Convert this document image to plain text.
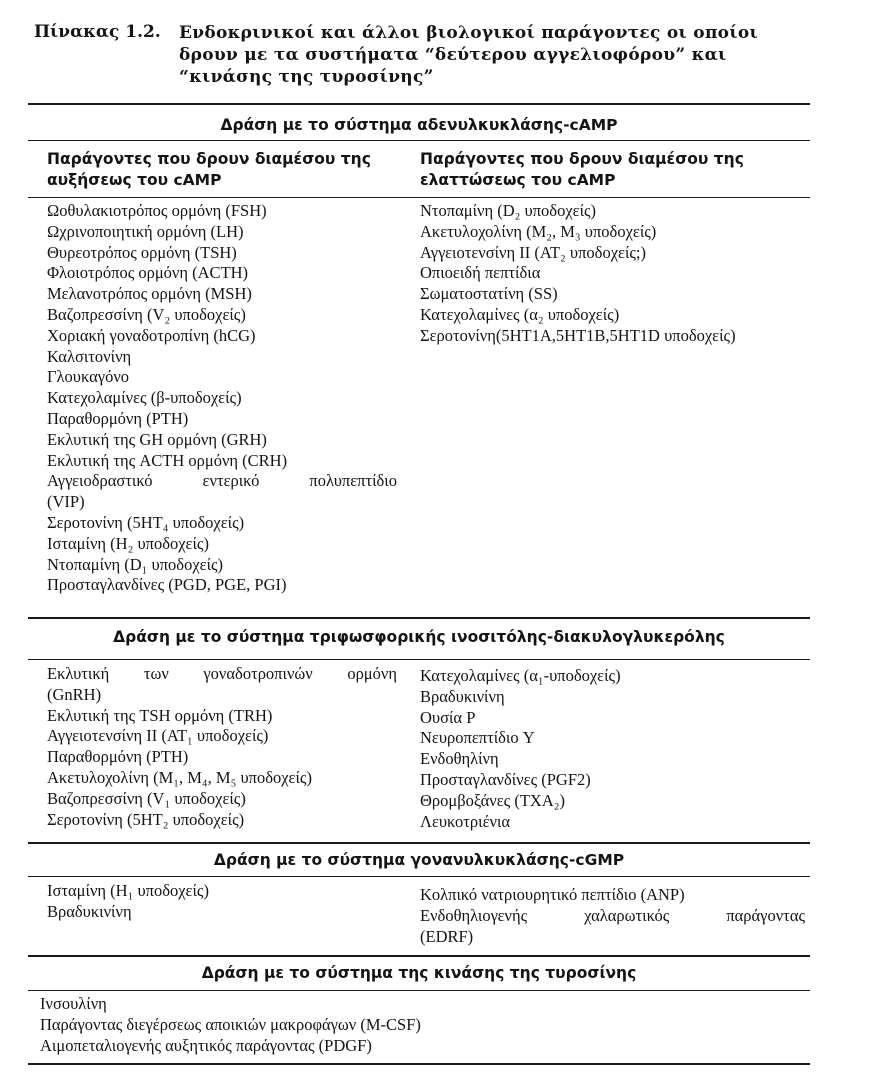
Πίνακας 1.2. Ενδοκρινικοί και άλλοι βιολογικοί παράγοντες οι οποίοι δρουν με τα συστήματα “δεύτερου αγγελιοφόρου” και “κινάσης της τυροσίνης”
Δράση με το σύστημα αδενυλκυκλάσης-cAMP
Παράγοντες που δρουν διαμέσου της αυξήσεως του cAMP
Παράγοντες που δρουν διαμέσου της ελαττώσεως του cAMP
Ωοθυλακιοτρόπος ορμόνη (FSH)
Ωχρινοποιητική ορμόνη (LH)
Θυρεοτρόπος ορμόνη (TSH)
Φλοιοτρόπος ορμόνη (ACTH)
Μελανοτρόπος ορμόνη (MSH)
Βαζοπρεσσίνη (V₂ υποδοχείς)
Χοριακή γοναδοτροπίνη (hCG)
Καλσιτονίνη
Γλουκαγόνο
Κατεχολαμίνες (β-υποδοχείς)
Παραθορμόνη (PTH)
Εκλυτική της GH ορμόνη (GRH)
Εκλυτική της ACTH ορμόνη (CRH)
Αγγειοδραστικό εντερικό πολυπεπτίδιο
(VIP)
Σεροτονίνη (5HT₄ υποδοχείς)
Ισταμίνη (H₂ υποδοχείς)
Ντοπαμίνη (D₁ υποδοχείς)
Προσταγλανδίνες (PGD, PGE, PGI)
Ντοπαμίνη (D₂ υποδοχείς)
Ακετυλοχολίνη (M₂, M₃ υποδοχείς)
Αγγειοτενσίνη II (AT₂ υποδοχείς;)
Οπιοειδή πεπτίδια
Σωματοστατίνη (SS)
Κατεχολαμίνες (α₂ υποδοχείς)
Σεροτονίνη(5HT1A,5HT1B,5HT1D υποδοχείς)
Δράση με το σύστημα τριφωσφορικής ινοσιτόλης-διακυλογλυκερόλης
Εκλυτική των γοναδοτροπινών ορμόνη
(GnRH)
Εκλυτική της TSH ορμόνη (TRH)
Αγγειοτενσίνη II (AT₁ υποδοχείς)
Παραθορμόνη (PTH)
Ακετυλοχολίνη (M₁, M₄, M₅ υποδοχείς)
Βαζοπρεσσίνη (V₁ υποδοχείς)
Σεροτονίνη (5HT₂ υποδοχείς)
Κατεχολαμίνες (α₁-υποδοχείς)
Βραδυκινίνη
Ουσία P
Νευροπεπτίδιο Y
Ενδοθηλίνη
Προσταγλανδίνες (PGF2)
Θρομβοξάνες (TXA₂)
Λευκοτριένια
Δράση με το σύστημα γονανυλκυκλάσης-cGMP
Ισταμίνη (H₁ υποδοχείς)
Βραδυκινίνη
Κολπικό νατριουρητικό πεπτίδιο (ANP)
Ενδοθηλιογενής χαλαρωτικός παράγοντας
(EDRF)
Δράση με το σύστημα της κινάσης της τυροσίνης
Ινσουλίνη
Παράγοντας διεγέρσεως αποικιών μακροφάγων (M-CSF)
Αιμοπεταλιογενής αυξητικός παράγοντας (PDGF)
